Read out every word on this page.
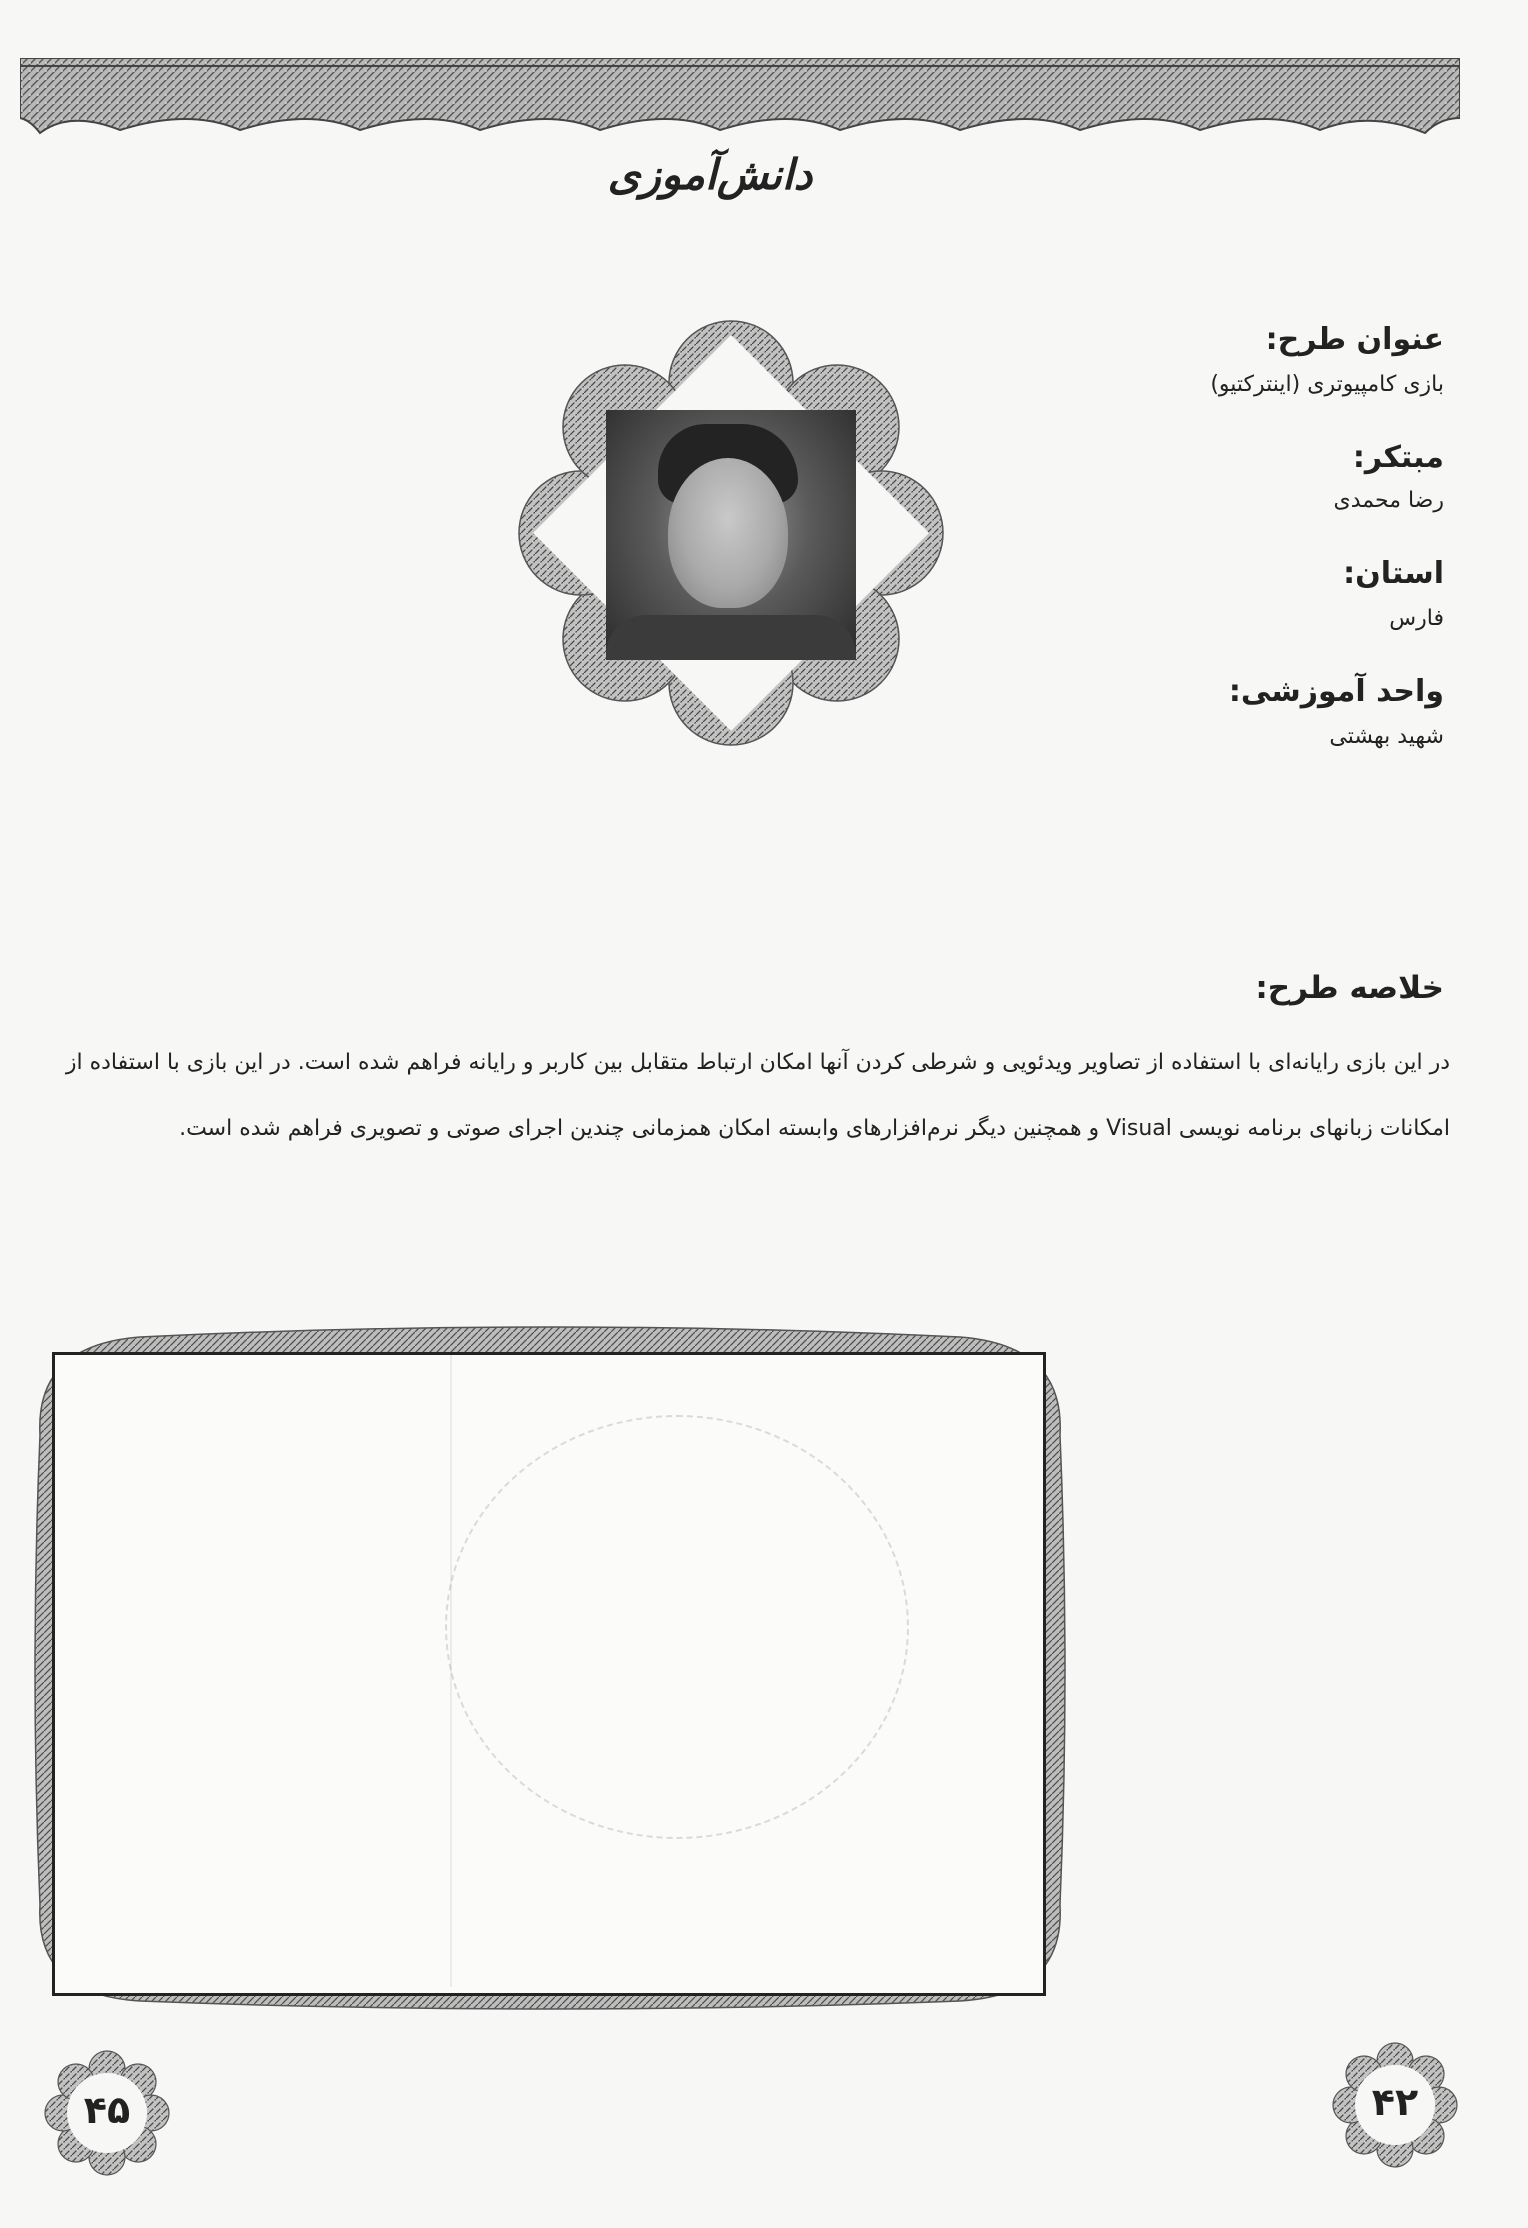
دانش‌آموزی
عنوان طرح:
بازی کامپیوتری (اینترکتیو)
مبتکر:
رضا محمدی
استان:
فارس
واحد آموزشی:
شهید بهشتی
خلاصه طرح:
در این بازی رایانه‌ای با استفاده از تصاویر ویدئویی و شرطی کردن آنها امکان ارتباط متقابل بین کاربر و رایانه فراهم شده است. در این بازی با استفاده از امکانات زبانهای برنامه نویسی Visual و همچنین دیگر نرم‌افزارهای وابسته امکان همزمانی چندین اجرای صوتی و تصویری فراهم شده است.
۴۵	۴۲
